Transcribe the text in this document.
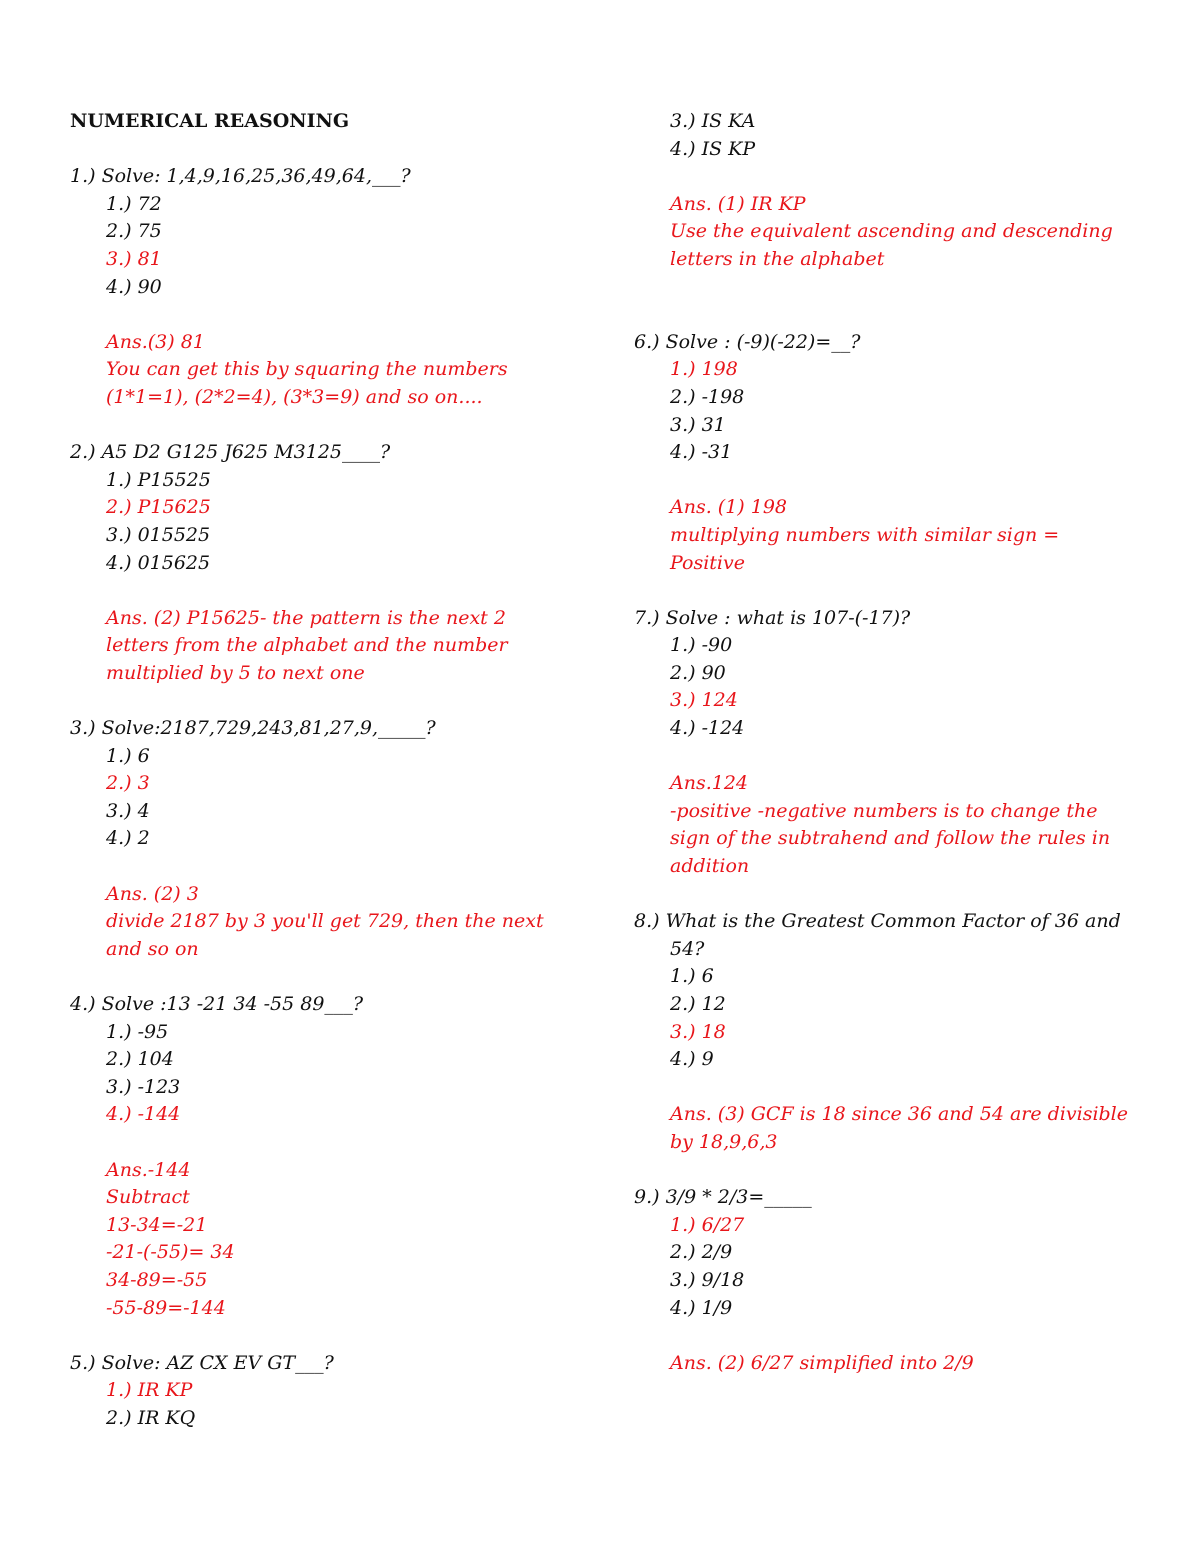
NUMERICAL REASONING
1.) Solve: 1,4,9,16,25,36,49,64,___?
1.) 72
2.) 75
3.) 81
4.) 90
Ans.(3) 81
You can get this by squaring the numbers
(1*1=1), (2*2=4), (3*3=9) and so on....
2.) A5 D2 G125 J625 M3125____?
1.) P15525
2.) P15625
3.) 015525
4.) 015625
Ans. (2) P15625- the pattern is the next 2
letters from the alphabet and the number
multiplied by 5 to next one
3.) Solve:2187,729,243,81,27,9,_____?
1.) 6
2.) 3
3.) 4
4.) 2
Ans. (2) 3
divide 2187 by 3 you'll get 729, then the next
and so on
4.) Solve :13 -21 34 -55 89___?
1.) -95
2.) 104
3.) -123
4.) -144
Ans.-144
Subtract
13-34=-21
-21-(-55)= 34
34-89=-55
-55-89=-144
5.) Solve: AZ CX EV GT___?
1.) IR KP
2.) IR KQ
3.) IS KA
4.) IS KP
Ans. (1) IR KP
Use the equivalent ascending and descending
letters in the alphabet
6.) Solve : (-9)(-22)=__?
1.) 198
2.) -198
3.) 31
4.) -31
Ans. (1) 198
multiplying numbers with similar sign =
Positive
7.) Solve : what is 107-(-17)?
1.) -90
2.) 90
3.) 124
4.) -124
Ans.124
-positive -negative numbers is to change the
sign of the subtrahend and follow the rules in
addition
8.) What is the Greatest Common Factor of 36 and
54?
1.) 6
2.) 12
3.) 18
4.) 9
Ans. (3) GCF is 18 since 36 and 54 are divisible
by 18,9,6,3
9.) 3/9 * 2/3=_____
1.) 6/27
2.) 2/9
3.) 9/18
4.) 1/9
Ans. (2) 6/27 simplified into 2/9
